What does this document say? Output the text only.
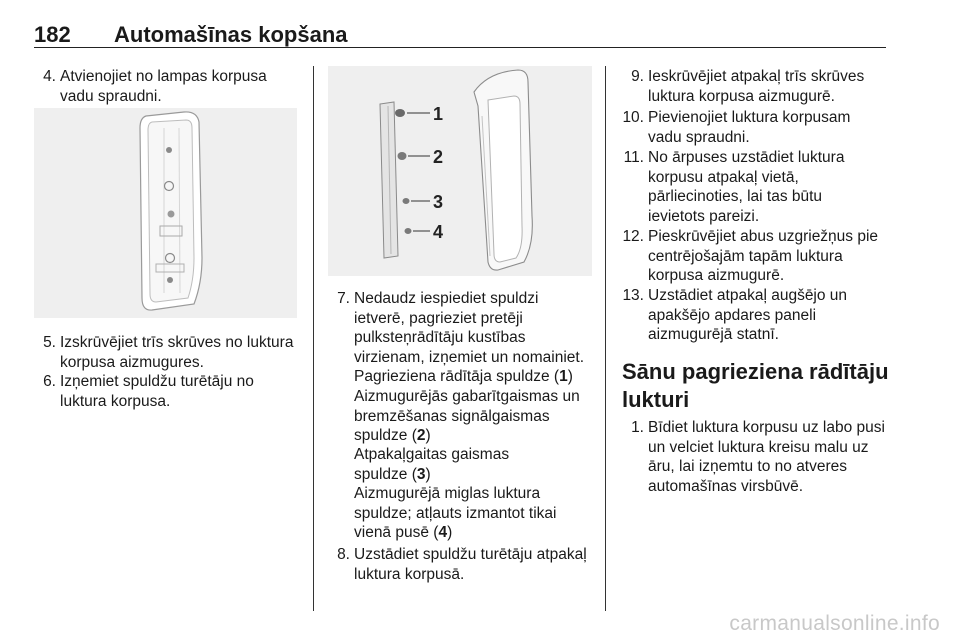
182 Automašīnas kopšana
4. Atvienojiet no lampas korpusa vadu spraudni.
5. Izskrūvējiet trīs skrūves no luktura korpusa aizmugures.
6. Izņemiet spuldžu turētāju no luktura korpusa.
1
2
3
4
7. Nedaudz iespiediet spuldzi ietverē, pagrieziet pretēji pulksteņrādītāju kustības virzienam, izņemiet un nomainiet.
Pagrieziena rādītāja spuldze (1)
Aizmugurējās gabarītgaismas un bremzēšanas signālgaismas spuldze (2)
Atpakaļgaitas gaismas spuldze (3)
Aizmugurējā miglas luktura spuldze; atļauts izmantot tikai vienā pusē (4)
8. Uzstādiet spuldžu turētāju atpakaļ luktura korpusā.
9. Ieskrūvējiet atpakaļ trīs skrūves luktura korpusa aizmugurē.
10. Pievienojiet luktura korpusam vadu spraudni.
11. No ārpuses uzstādiet luktura korpusu atpakaļ vietā, pārliecinoties, lai tas būtu ievietots pareizi.
12. Pieskrūvējiet abus uzgriežņus pie centrējošajām tapām luktura korpusa aizmugurē.
13. Uzstādiet atpakaļ augšējo un apakšējo apdares paneli aizmugurējā statnī.
Sānu pagrieziena rādītāju lukturi
1. Bīdiet luktura korpusu uz labo pusi un velciet luktura kreisu malu uz āru, lai izņemtu to no atveres automašīnas virsbūvē.
carmanualsonline.info
